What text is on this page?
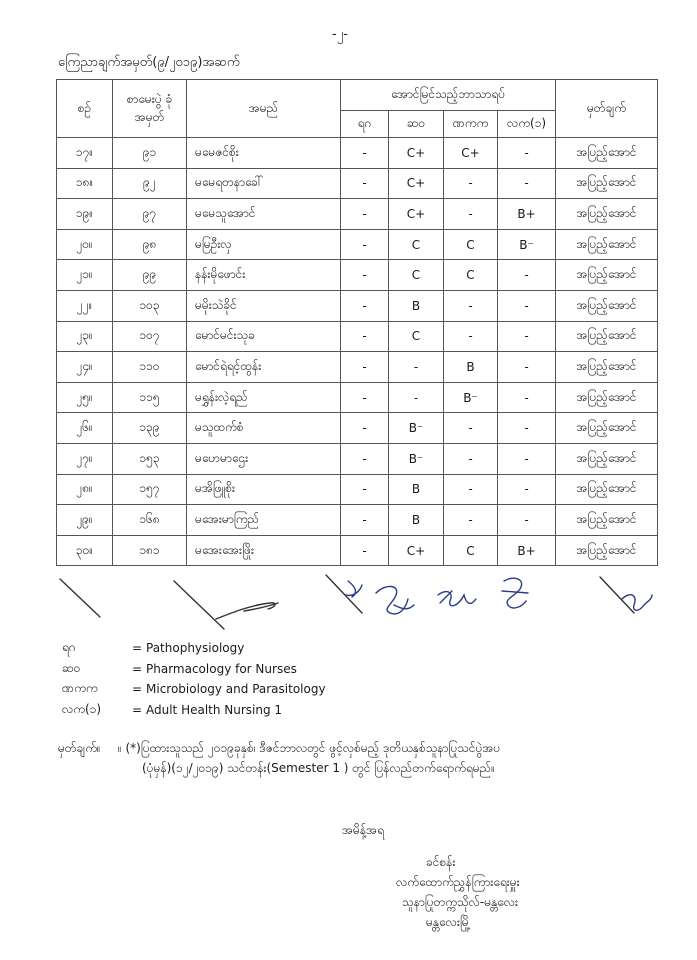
-၂-
ကြေညာချက်အမှတ်(၉/၂၀၁၉)အဆက်
စဉ်	စာမေးပွဲ ခုံအမှတ်	အမည်	အောင်မြင်သည့်ဘာသာရပ်				မှတ်ချက်
			ရဂ	ဆဝ	ဏကက	လက(၁)	
၁၇။	၉၁	မမေဇင်စိုး	-	C+	C+	-	အပြည့်အောင်
၁၈။	၉၂	မမေရတနာခေါ်	-	C+	-	-	အပြည့်အောင်
၁၉။	၉၇	မမေသူအောင်	-	C+	-	B+	အပြည့်အောင်
၂၀။	၉၈	မမြဦးလှ	-	C	C	B⁻	အပြည့်အောင်
၂၁။	၉၉	နန်းမိုဖောင်း	-	C	C	-	အပြည့်အောင်
၂၂။	၁၀၃	မမိုးသဲခိုင်	-	B	-	-	အပြည့်အောင်
၂၃။	၁၀၇	မောင်မင်းသုခ	-	C	-	-	အပြည့်အောင်
၂၄။	၁၁၀	မောင်ရဲရင့်ထွန်း	-	-	B	-	အပြည့်အောင်
၂၅။	၁၁၅	မရွှန်းလဲ့ရည်	-	-	B⁻	-	အပြည့်အောင်
၂၆။	၁၃၉	မသူထက်စံ	-	B⁻	-	-	အပြည့်အောင်
၂၇။	၁၅၃	မဟေမာဌေး	-	B⁻	-	-	အပြည့်အောင်
၂၈။	၁၅၇	မအိဖြူစိုး	-	B	-	-	အပြည့်အောင်
၂၉။	၁၆၈	မအေးမာကြည်	-	B	-	-	အပြည့်အောင်
၃၀။	၁၈၁	မအေးအေးဖြိုး	-	C+	C	B+	အပြည့်အောင်
ရဂ	= Pathophysiology
ဆဝ	= Pharmacology for Nurses
ဏကက	= Microbiology and Parasitology
လက(၁)	= Adult Health Nursing 1
မှတ်ချက်။	။ (*)ပြထားသူသည် ၂၀၁၉ခုနှစ်၊ ဒီဇင်ဘာလတွင် ဖွင့်လှစ်မည့် ဒုတိယနှစ်သူနာပြုသင်ပွဲအပ
(ပုံမှန်)(၁၂/၂၀၁၉) သင်တန်း(Semester 1 ) တွင် ပြန်လည်တက်ရောက်ရမည်။
အမိန့်အရ
ခင်စန်း
လက်ထောက်ညွှန်ကြားရေးမှူး
သူနာပြုတက္ကသိုလ်-မန္တလေး
မန္တလေးမြို့
